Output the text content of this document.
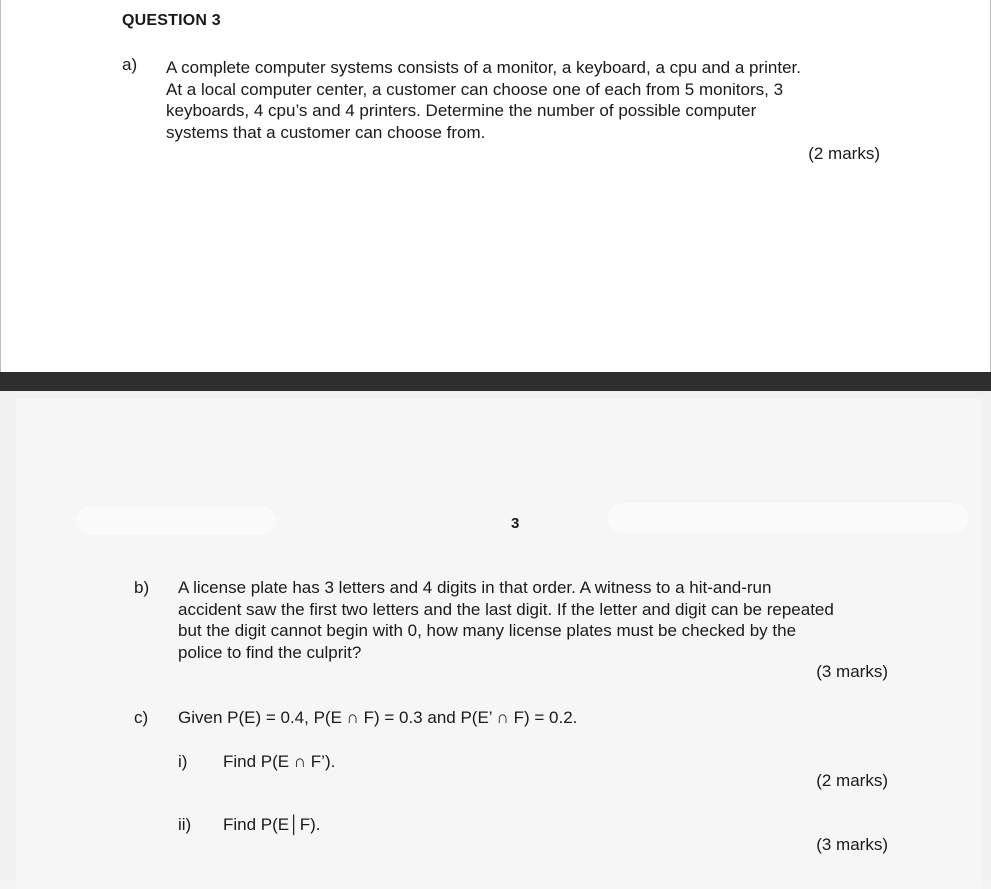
QUESTION 3
a) A complete computer systems consists of a monitor, a keyboard, a cpu and a printer.
At a local computer center, a customer can choose one of each from 5 monitors, 3
keyboards, 4 cpu’s and 4 printers. Determine the number of possible computer
systems that a customer can choose from.
(2 marks)
3
b) A license plate has 3 letters and 4 digits in that order. A witness to a hit-and-run
accident saw the first two letters and the last digit. If the letter and digit can be repeated
but the digit cannot begin with 0, how many license plates must be checked by the
police to find the culprit?
(3 marks)
c) Given P(E) = 0.4, P(E ∩ F) = 0.3 and P(E’ ∩ F) = 0.2.
i) Find P(E ∩ F’).
(2 marks)
ii) Find P(E│F).
(3 marks)
